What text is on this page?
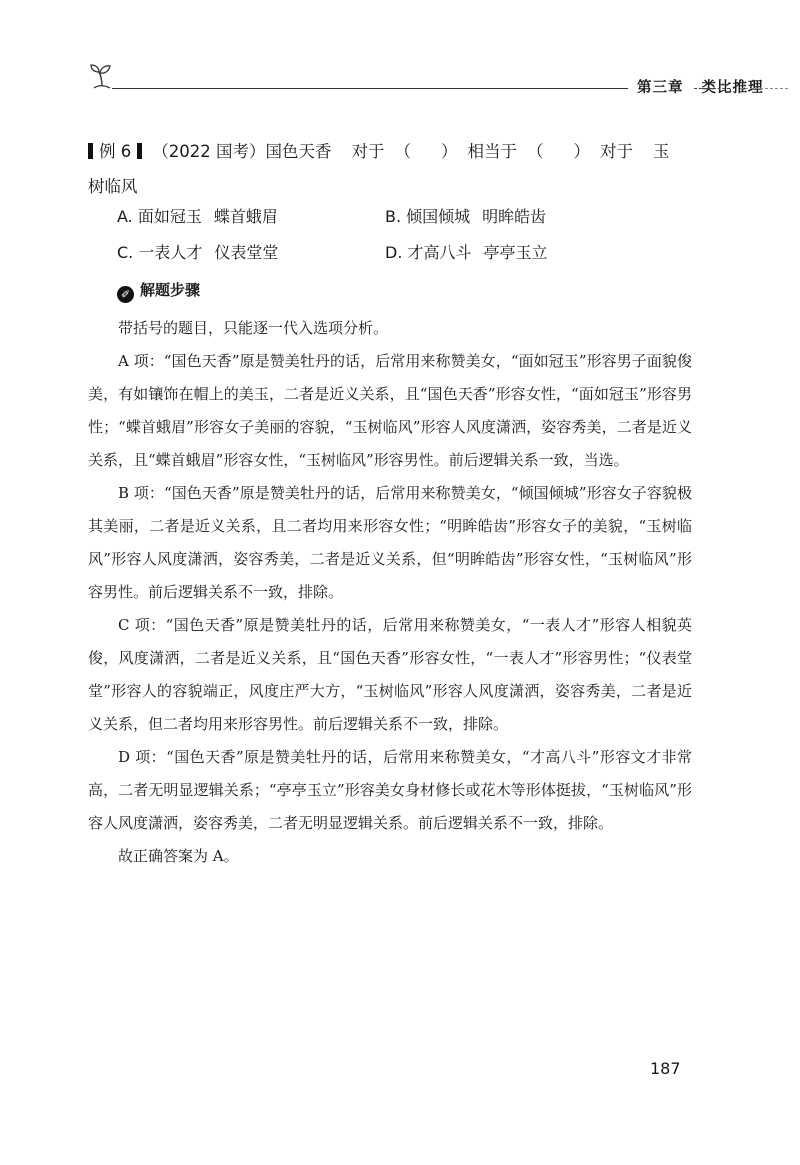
第三章 类比推理
例 6 （2022 国考）国色天香 对于 （ ） 相当于 （ ） 对于 玉
树临风
A. 面如冠玉 蝶首蛾眉	B. 倾国倾城 明眸皓齿
C. 一表人才 仪表堂堂	D. 才高八斗 亭亭玉立
✐ 解题步骤

带括号的题目，只能逐一代入选项分析。

A 项：“国色天香”原是赞美牡丹的话，后常用来称赞美女，“面如冠玉”形容男子面貌俊美，有如镶饰在帽上的美玉，二者是近义关系，且“国色天香”形容女性，“面如冠玉”形容男性；“蝶首蛾眉”形容女子美丽的容貌，“玉树临风”形容人风度潇洒，姿容秀美，二者是近义关系，且“蝶首蛾眉”形容女性，“玉树临风”形容男性。前后逻辑关系一致，当选。

B 项：“国色天香”原是赞美牡丹的话，后常用来称赞美女，“倾国倾城”形容女子容貌极其美丽，二者是近义关系，且二者均用来形容女性；“明眸皓齿”形容女子的美貌，“玉树临风”形容人风度潇洒，姿容秀美，二者是近义关系，但“明眸皓齿”形容女性，“玉树临风”形容男性。前后逻辑关系不一致，排除。

C 项：“国色天香”原是赞美牡丹的话，后常用来称赞美女，“一表人才”形容人相貌英俊，风度潇洒，二者是近义关系，且“国色天香”形容女性，“一表人才”形容男性；“仪表堂堂”形容人的容貌端正，风度庄严大方，“玉树临风”形容人风度潇洒，姿容秀美，二者是近义关系，但二者均用来形容男性。前后逻辑关系不一致，排除。

D 项：“国色天香”原是赞美牡丹的话，后常用来称赞美女，“才高八斗”形容文才非常高，二者无明显逻辑关系；“亭亭玉立”形容美女身材修长或花木等形体挺拔，“玉树临风”形容人风度潇洒，姿容秀美，二者无明显逻辑关系。前后逻辑关系不一致，排除。

故正确答案为 A。

187
